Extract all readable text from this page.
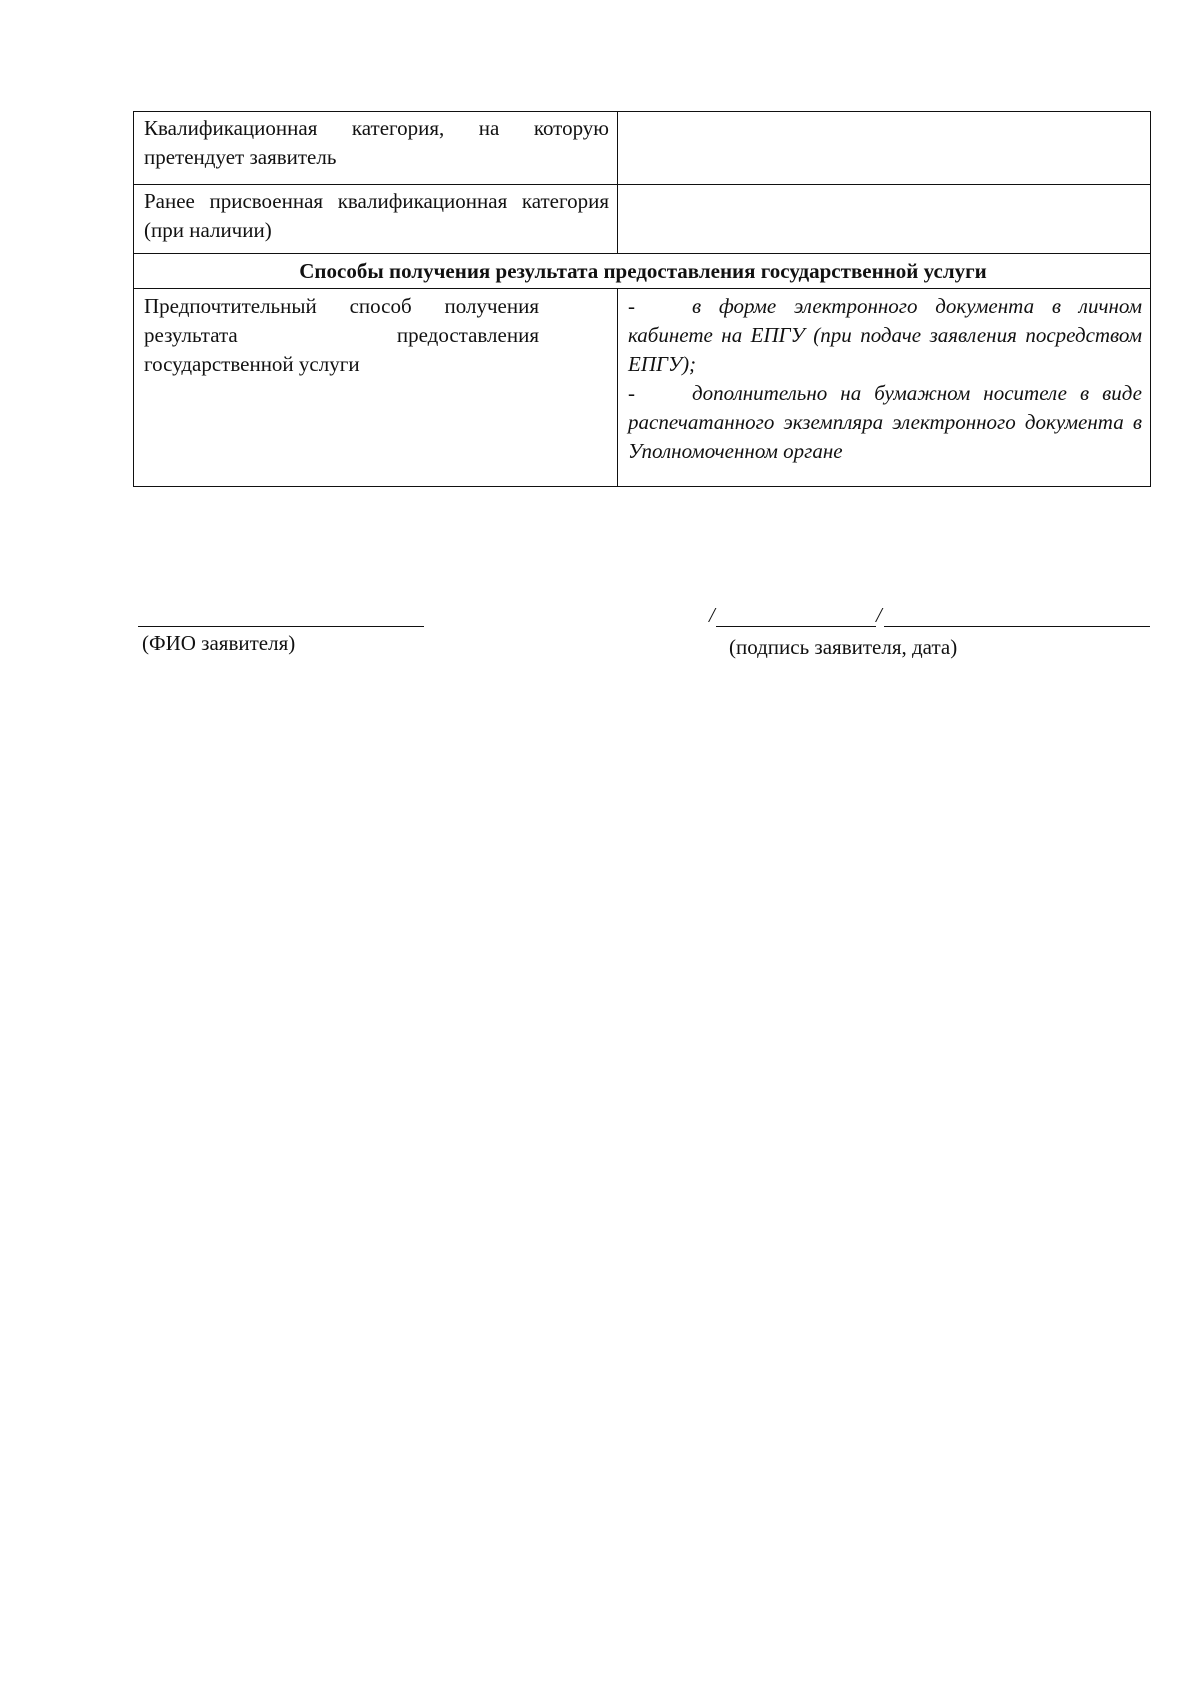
Квалификационная категория, на которую претендует заявитель	

Ранее присвоенная квалификационная категория (при наличии)	

Способы получения результата предоставления государственной услуги	

Предпочтительный способ получения результата предоставления государственной услуги	- в форме электронного документа в личном кабинете на ЕПГУ (при подаче заявления посредством ЕПГУ);

- дополнительно на бумажном носителе в виде распечатанного экземпляра электронного документа в Уполномоченном органе

(ФИО заявителя)
/	/
(подпись заявителя, дата)
